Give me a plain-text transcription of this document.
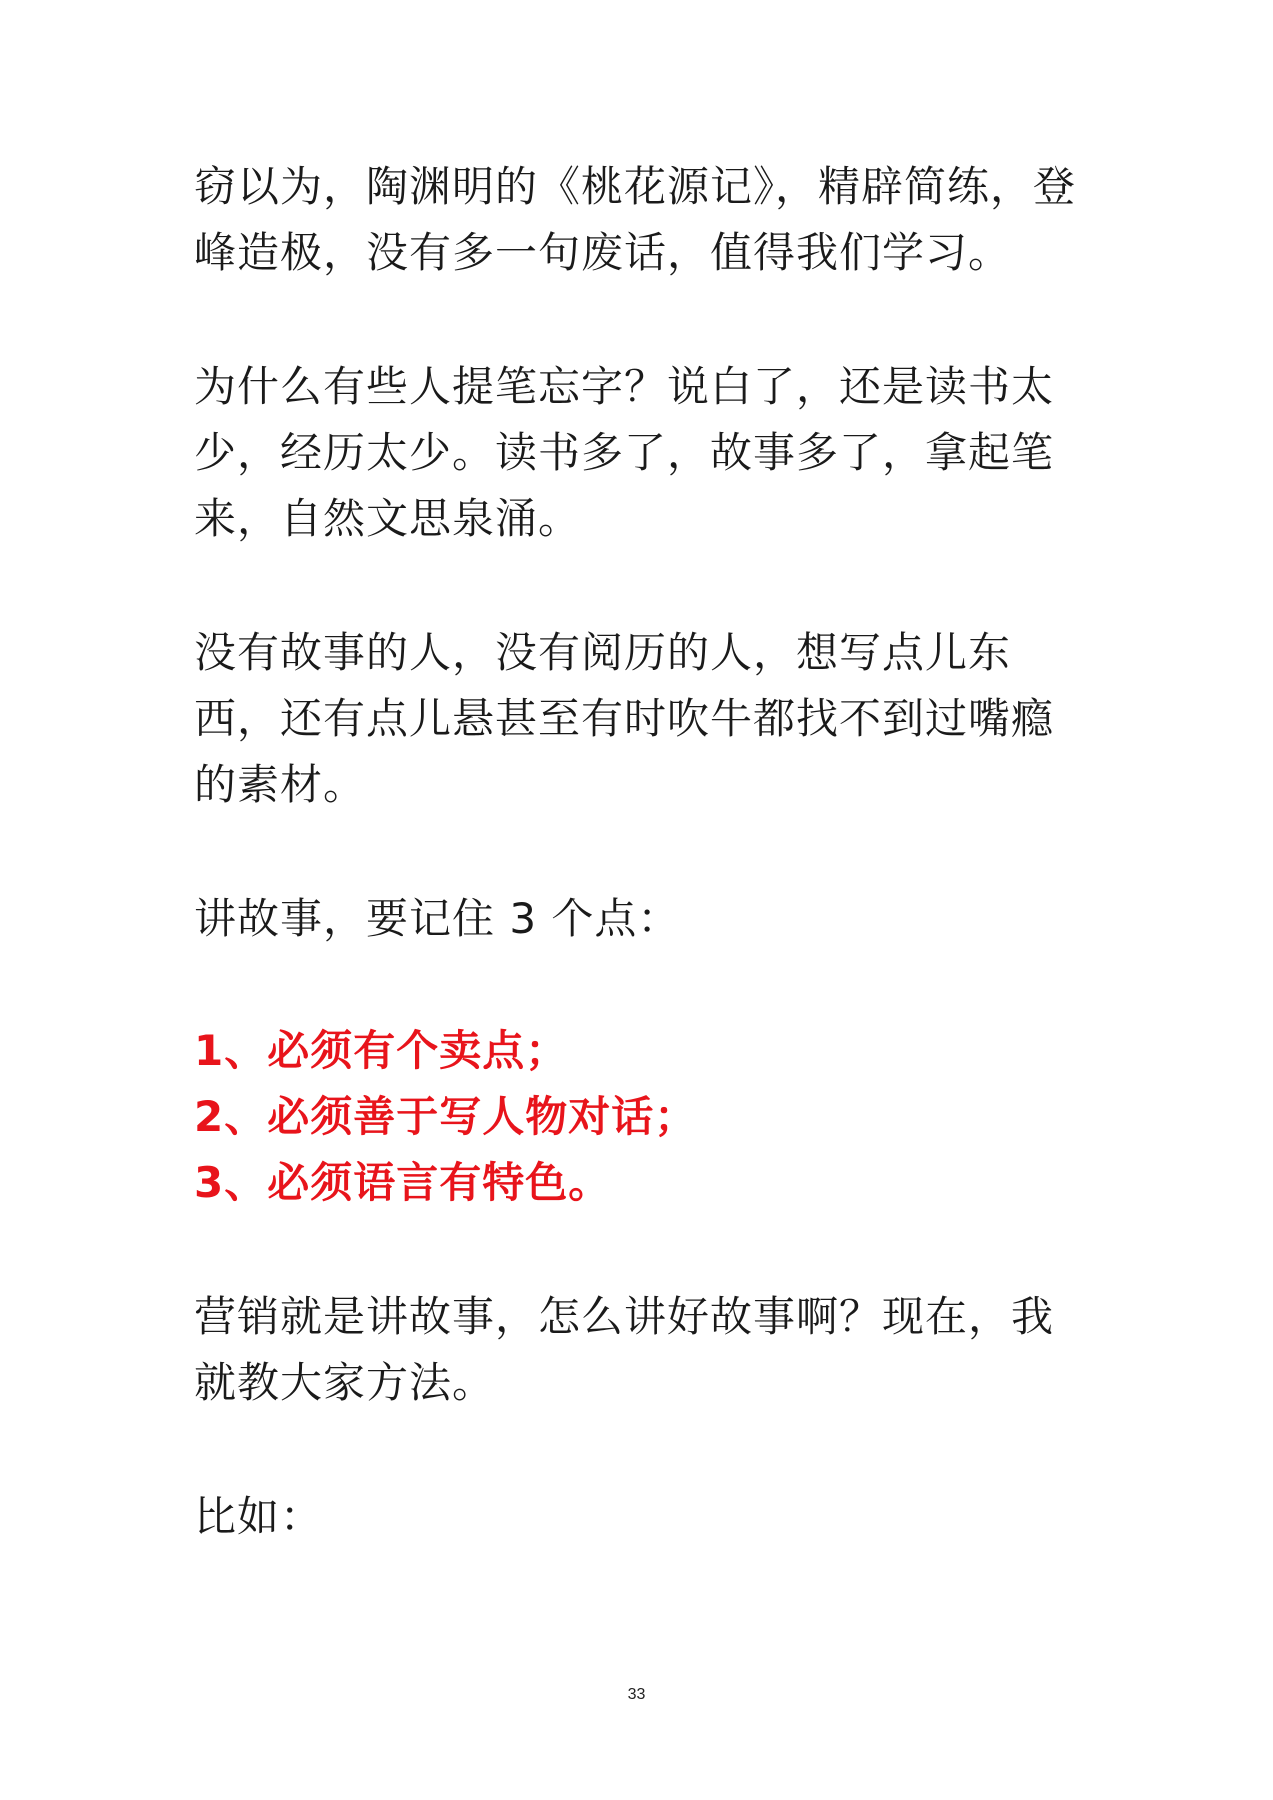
窃以为，陶渊明的《桃花源记》，精辟简练，登峰造极，没有多一句废话，值得我们学习。

为什么有些人提笔忘字？说白了，还是读书太少，经历太少。读书多了，故事多了，拿起笔来，自然文思泉涌。

没有故事的人，没有阅历的人，想写点儿东西，还有点儿悬甚至有时吹牛都找不到过嘴瘾的素材。

讲故事，要记住 3 个点：

1、必须有个卖点；
2、必须善于写人物对话；
3、必须语言有特色。

营销就是讲故事，怎么讲好故事啊？现在，我就教大家方法。

比如：

33
